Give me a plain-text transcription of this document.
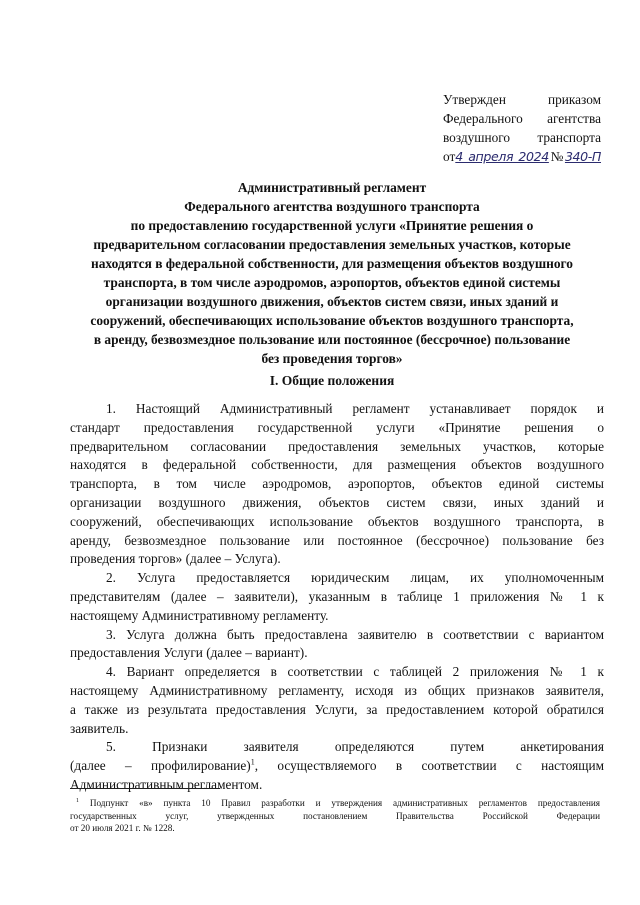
Утвержден приказом
Федерального агентства
воздушного транспорта
от4 апреля 2024№340-П
Административный регламент
Федерального агентства воздушного транспорта
по предоставлению государственной услуги «Принятие решения о
предварительном согласовании предоставления земельных участков, которые
находятся в федеральной собственности, для размещения объектов воздушного
транспорта, в том числе аэродромов, аэропортов, объектов единой системы
организации воздушного движения, объектов систем связи, иных зданий и
сооружений, обеспечивающих использование объектов воздушного транспорта,
в аренду, безвозмездное пользование или постоянное (бессрочное) пользование
без проведения торгов»
I. Общие положения
1. Настоящий Административный регламент устанавливает порядок и
стандарт предоставления государственной услуги «Принятие решения о
предварительном согласовании предоставления земельных участков, которые
находятся в федеральной собственности, для размещения объектов воздушного
транспорта, в том числе аэродромов, аэропортов, объектов единой системы
организации воздушного движения, объектов систем связи, иных зданий и
сооружений, обеспечивающих использование объектов воздушного транспорта, в
аренду, безвозмездное пользование или постоянное (бессрочное) пользование без
проведения торгов» (далее – Услуга).
2. Услуга предоставляется юридическим лицам, их уполномоченным
представителям (далее – заявители), указанным в таблице 1 приложения № 1 к
настоящему Административному регламенту.
3. Услуга должна быть предоставлена заявителю в соответствии с вариантом
предоставления Услуги (далее – вариант).
4. Вариант определяется в соответствии с таблицей 2 приложения № 1 к
настоящему Административному регламенту, исходя из общих признаков заявителя,
а также из результата предоставления Услуги, за предоставлением которой обратился
заявитель.
5. Признаки заявителя определяются путем анкетирования
(далее – профилирование)$^1$, осуществляемого в соответствии с настоящим
Административным регламентом.
$^1$ Подпункт «в» пункта 10 Правил разработки и утверждения административных регламентов предоставления
государственных услуг, утвержденных постановлением Правительства Российской Федерации
от 20 июля 2021 г. № 1228.
